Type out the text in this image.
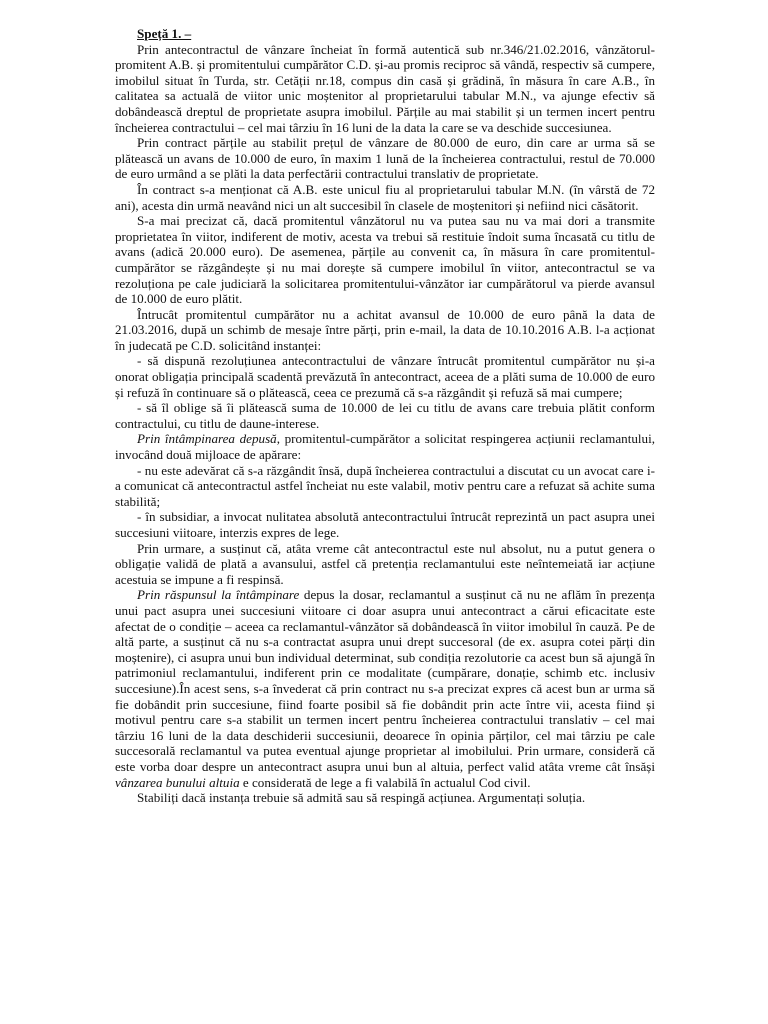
Speță 1. –

Prin antecontractul de vânzare încheiat în formă autentică sub nr.346/21.02.2016, vânzătorul-promitent A.B. și promitentului cumpărător C.D. și-au promis reciproc să vândă, respectiv să cumpere, imobilul situat în Turda, str. Cetății nr.18, compus din casă și grădină, în măsura în care A.B., în calitatea sa actuală de viitor unic moștenitor al proprietarului tabular M.N., va ajunge efectiv să dobândească dreptul de proprietate asupra imobilul. Părțile au mai stabilit și un termen incert pentru încheierea contractului – cel mai târziu în 16 luni de la data la care se va deschide succesiunea.

Prin contract părțile au stabilit prețul de vânzare de 80.000 de euro, din care ar urma să se plătească un avans de 10.000 de euro, în maxim 1 lună de la încheierea contractului, restul de 70.000 de euro urmând a se plăti la data perfectării contractului translativ de proprietate.

În contract s-a menționat că A.B. este unicul fiu al proprietarului tabular M.N. (în vârstă de 72 ani), acesta din urmă neavând nici un alt succesibil în clasele de moștenitori și nefiind nici căsătorit.

S-a mai precizat că, dacă promitentul vânzătorul nu va putea sau nu va mai dori a transmite proprietatea în viitor, indiferent de motiv, acesta va trebui să restituie îndoit suma încasată cu titlu de avans (adică 20.000 euro). De asemenea, părțile au convenit ca, în măsura în care promitentul-cumpărător se răzgândește și nu mai dorește să cumpere imobilul în viitor, antecontractul se va rezoluționa pe cale judiciară la solicitarea promitentului-vânzător iar cumpărătorul va pierde avansul de 10.000 de euro plătit.

Întrucât promitentul cumpărător nu a achitat avansul de 10.000 de euro până la data de 21.03.2016, după un schimb de mesaje între părți, prin e-mail, la data de 10.10.2016 A.B. l-a acționat în judecată pe C.D. solicitând instanței:

- să dispună rezoluțiunea antecontractului de vânzare întrucât promitentul cumpărător nu și-a onorat obligația principală scadentă prevăzută în antecontract, aceea de a plăti suma de 10.000 de euro și refuză în continuare să o plătească, ceea ce prezumă că s-a răzgândit și refuză să mai cumpere;

- să îl oblige să îi plătească suma de 10.000 de lei cu titlu de avans care trebuia plătit conform contractului, cu titlu de daune-interese.

Prin întâmpinarea depusă, promitentul-cumpărător a solicitat respingerea acțiunii reclamantului, invocând două mijloace de apărare:

- nu este adevărat că s-a răzgândit însă, după încheierea contractului a discutat cu un avocat care i-a comunicat că antecontractul astfel încheiat nu este valabil, motiv pentru care a refuzat să achite suma stabilită;

- în subsidiar, a invocat nulitatea absolută antecontractului întrucât reprezintă un pact asupra unei succesiuni viitoare, interzis expres de lege.

Prin urmare, a susținut că, atâta vreme cât antecontractul este nul absolut, nu a putut genera o obligație validă de plată a avansului, astfel că pretenția reclamantului este neîntemeiată iar acțiune acestuia se impune a fi respinsă.

Prin răspunsul la întâmpinare depus la dosar, reclamantul a susținut că nu ne aflăm în prezența unui pact asupra unei succesiuni viitoare ci doar asupra unui antecontract a cărui eficacitate este afectat de o condiție – aceea ca reclamantul-vânzător să dobândească în viitor imobilul în cauză. Pe de altă parte, a susținut că nu s-a contractat asupra unui drept succesoral (de ex. asupra cotei părți din moștenire), ci asupra unui bun individual determinat, sub condiția rezolutorie ca acest bun să ajungă în patrimoniul reclamantului, indiferent prin ce modalitate (cumpărare, donație, schimb etc. inclusiv succesiune).În acest sens, s-a învederat că prin contract nu s-a precizat expres că acest bun ar urma să fie dobândit prin succesiune, fiind foarte posibil să fie dobândit prin acte între vii, acesta fiind și motivul pentru care s-a stabilit un termen incert pentru încheierea contractului translativ – cel mai târziu 16 luni de la data deschiderii succesiunii, deoarece în opinia părților, cel mai târziu pe cale succesorală reclamantul va putea eventual ajunge proprietar al imobilului. Prin urmare, consideră că este vorba doar despre un antecontract asupra unui bun al altuia, perfect valid atâta vreme cât însăși vânzarea bunului altuia e considerată de lege a fi valabilă în actualul Cod civil.

Stabiliți dacă instanța trebuie să admită sau să respingă acțiunea. Argumentați soluția.
